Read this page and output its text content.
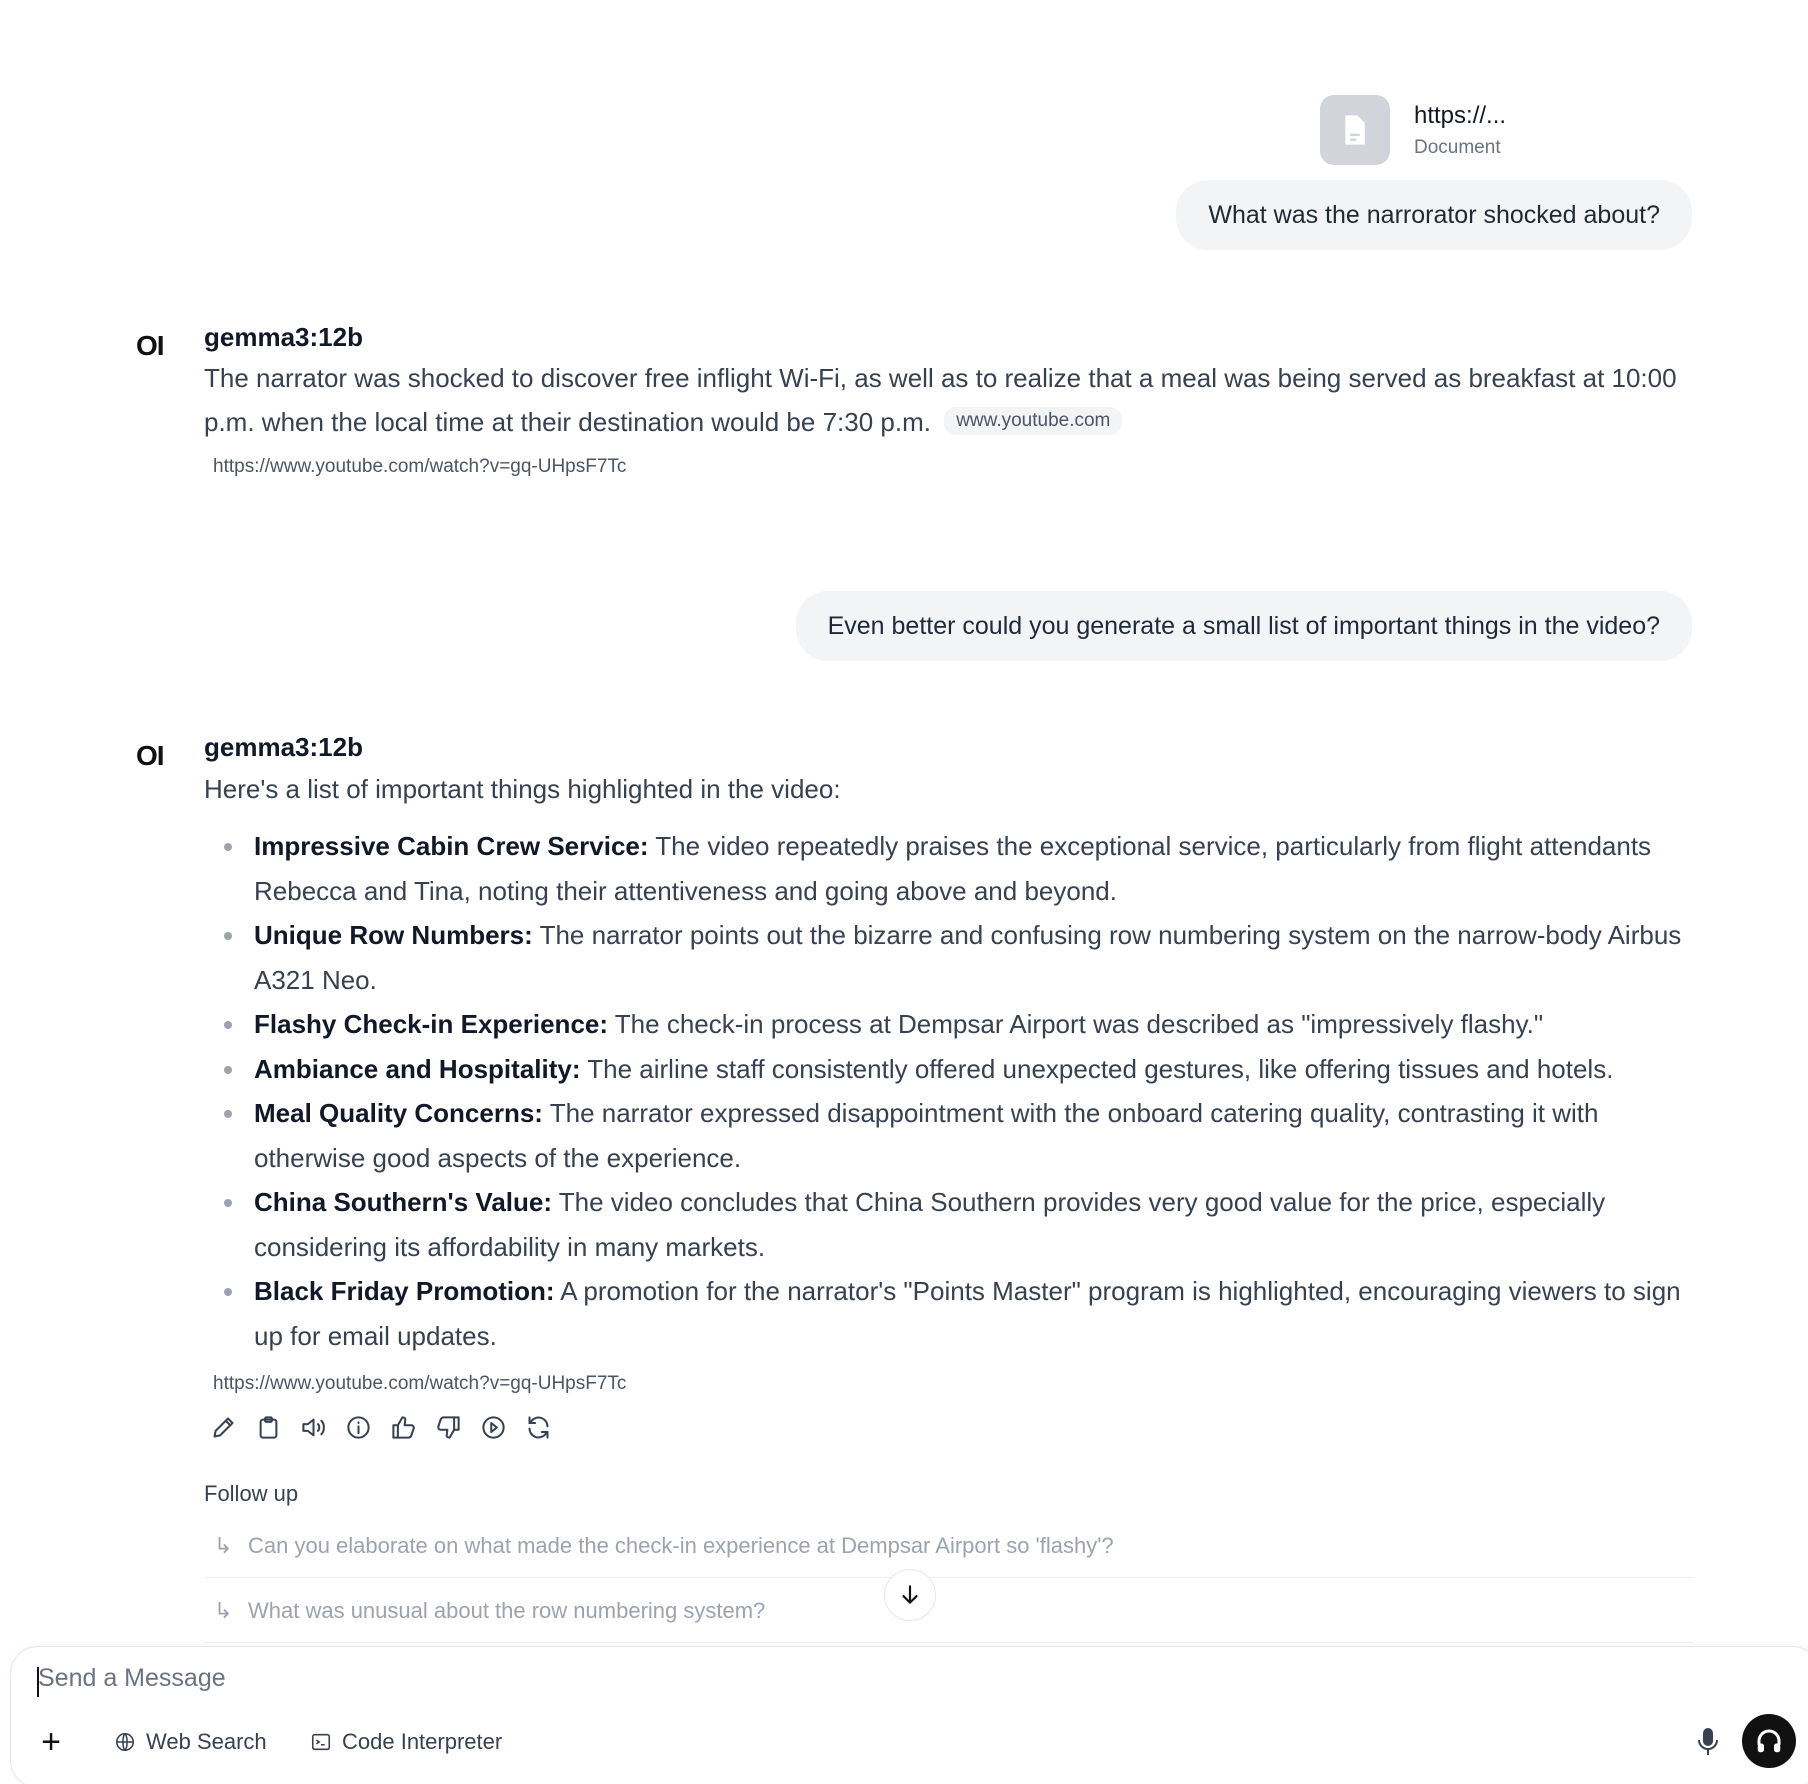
https://...
Document
What was the narrorator shocked about?
OI gemma3:12b
The narrator was shocked to discover free inflight Wi-Fi, as well as to realize that a meal was being served as breakfast at 10:00 p.m. when the local time at their destination would be 7:30 p.m. www.youtube.com
https://www.youtube.com/watch?v=gq-UHpsF7Tc
Even better could you generate a small list of important things in the video?
OI gemma3:12b
Here's a list of important things highlighted in the video:
Impressive Cabin Crew Service: The video repeatedly praises the exceptional service, particularly from flight attendants Rebecca and Tina, noting their attentiveness and going above and beyond.
Unique Row Numbers: The narrator points out the bizarre and confusing row numbering system on the narrow-body Airbus A321 Neo.
Flashy Check-in Experience: The check-in process at Dempsar Airport was described as "impressively flashy."
Ambiance and Hospitality: The airline staff consistently offered unexpected gestures, like offering tissues and hotels.
Meal Quality Concerns: The narrator expressed disappointment with the onboard catering quality, contrasting it with otherwise good aspects of the experience.
China Southern's Value: The video concludes that China Southern provides very good value for the price, especially considering its affordability in many markets.
Black Friday Promotion: A promotion for the narrator's "Points Master" program is highlighted, encouraging viewers to sign up for email updates.
https://www.youtube.com/watch?v=gq-UHpsF7Tc
Follow up
↳ Can you elaborate on what made the check-in experience at Dempsar Airport so 'flashy'?
↳ What was unusual about the row numbering system?
Send a Message
+	Web Search	Code Interpreter
